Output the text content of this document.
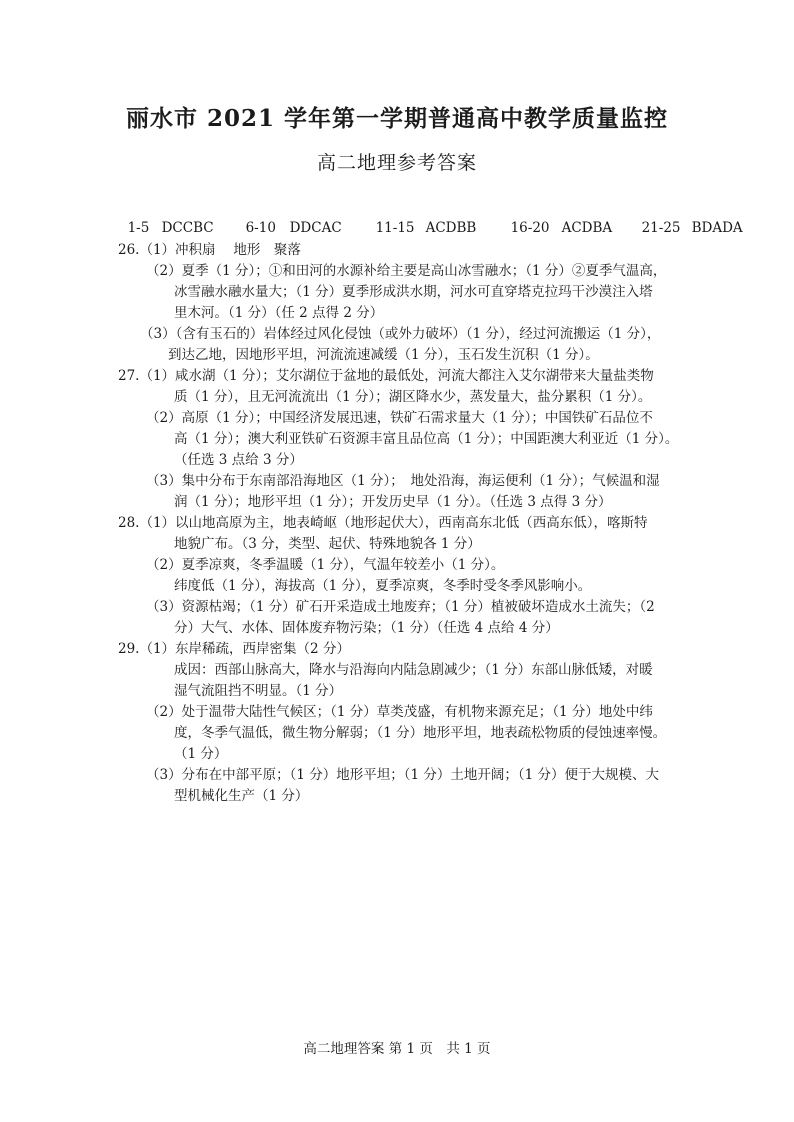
丽水市 2021 学年第一学期普通高中教学质量监控
高二地理参考答案

1-5 DCCBC 6-10 DDCAC	11-15 ACDBB	16-20 ACDBA 21-25 BDADA

26.（1）冲积扇　 地形　聚落
（2）夏季（1 分）；①和田河的水源补给主要是高山冰雪融水；（1 分）②夏季气温高，
冰雪融水融水量大；（1 分）夏季形成洪水期，河水可直穿塔克拉玛干沙漠注入塔
里木河。（1 分）（任 2 点得 2 分）
（3）（含有玉石的）岩体经过风化侵蚀（或外力破坏）（1 分），经过河流搬运（1 分），
到达乙地，因地形平坦，河流流速减缓（1 分），玉石发生沉积（1 分）。
27.（1）咸水湖（1 分）；艾尔湖位于盆地的最低处，河流大都注入艾尔湖带来大量盐类物
质（1 分），且无河流流出（1 分）；湖区降水少，蒸发量大，盐分累积（1 分）。
（2）高原（1 分）；中国经济发展迅速，铁矿石需求量大（1 分）；中国铁矿石品位不
高（1 分）；澳大利亚铁矿石资源丰富且品位高（1 分）；中国距澳大利亚近（1 分）。
（任选 3 点给 3 分）
（3）集中分布于东南部沿海地区（1 分）；　地处沿海，海运便利（1 分）；气候温和湿
润（1 分）；地形平坦（1 分）；开发历史早（1 分）。（任选 3 点得 3 分）
28.（1）以山地高原为主，地表崎岖（地形起伏大），西南高东北低（西高东低），喀斯特
地貌广布。（3 分，类型、起伏、特殊地貌各 1 分）
（2）夏季凉爽，冬季温暖（1 分），气温年较差小（1 分）。
纬度低（1 分），海拔高（1 分），夏季凉爽，冬季时受冬季风影响小。
（3）资源枯竭；（1 分）矿石开采造成土地废弃；（1 分）植被破坏造成水土流失；（2
分）大气、水体、固体废弃物污染；（1 分）（任选 4 点给 4 分）
29.（1）东岸稀疏，西岸密集（2 分）
成因：西部山脉高大，降水与沿海向内陆急剧减少；（1 分）东部山脉低矮，对暖
湿气流阻挡不明显。（1 分）
（2）处于温带大陆性气候区；（1 分）草类茂盛，有机物来源充足；（1 分）地处中纬
度，冬季气温低，微生物分解弱；（1 分）地形平坦，地表疏松物质的侵蚀速率慢。
（1 分）
（3）分布在中部平原；（1 分）地形平坦；（1 分）土地开阔；（1 分）便于大规模、大
型机械化生产（1 分）
高二地理答案 第 1 页　共 1 页
